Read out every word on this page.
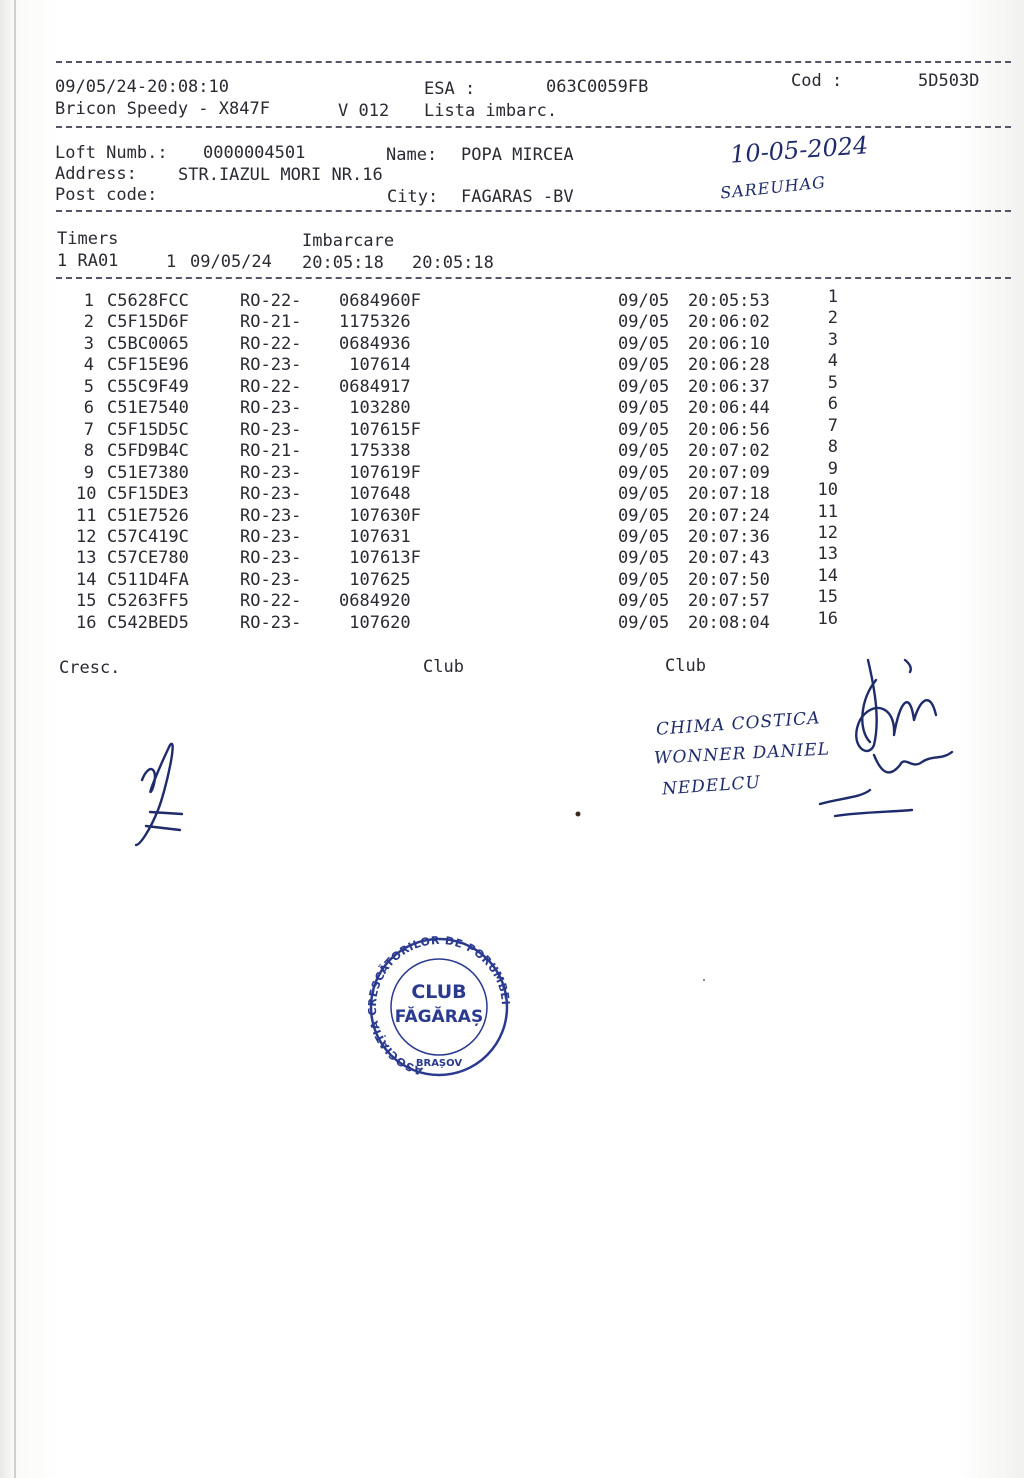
09/05/24-20:08:10	ESA :	063C0059FB	Cod :	5D503D
Bricon Speedy - X847F	V 012 Lista imbarc.
Loft Numb.: 0000004501	Name: POPA MIRCEA
Address: STR.IAZUL MORI NR.16
Post code:	City: FAGARAS -BV
10-05-2024
SAREUHAG
Timers	Imbarcare
1 RA01	1 09/05/24 20:05:18 20:05:18
1 C5628FCC	RO-22- 0684960F	09/05 20:05:53	1
2 C5F15D6F	RO-21- 1175326	09/05 20:06:02	2
3 C5BC0065	RO-22- 0684936	09/05 20:06:10	3
4 C5F15E96	RO-23- 107614	09/05 20:06:28	4
5 C55C9F49	RO-22- 0684917	09/05 20:06:37	5
6 C51E7540	RO-23- 103280	09/05 20:06:44	6
7 C5F15D5C	RO-23- 107615F	09/05 20:06:56	7
8 C5FD9B4C	RO-21- 175338	09/05 20:07:02	8
9 C51E7380	RO-23- 107619F	09/05 20:07:09	9
10 C5F15DE3	RO-23- 107648	09/05 20:07:18	10
11 C51E7526	RO-23- 107630F	09/05 20:07:24	11
12 C57C419C	RO-23- 107631	09/05 20:07:36	12
13 C57CE780	RO-23- 107613F	09/05 20:07:43	13
14 C511D4FA	RO-23- 107625	09/05 20:07:50	14
15 C5263FF5	RO-22- 0684920	09/05 20:07:57	15
16 C542BED5	RO-23- 107620	09/05 20:08:04	16
Cresc.	Club	Club
CHIMA COSTICA
WONNER DANIEL
NEDELCU
ASOCIAȚIA CRESCĂTORILOR DE PORUMBEI
CLUB
FĂGĂRAȘ
BRAȘOV
